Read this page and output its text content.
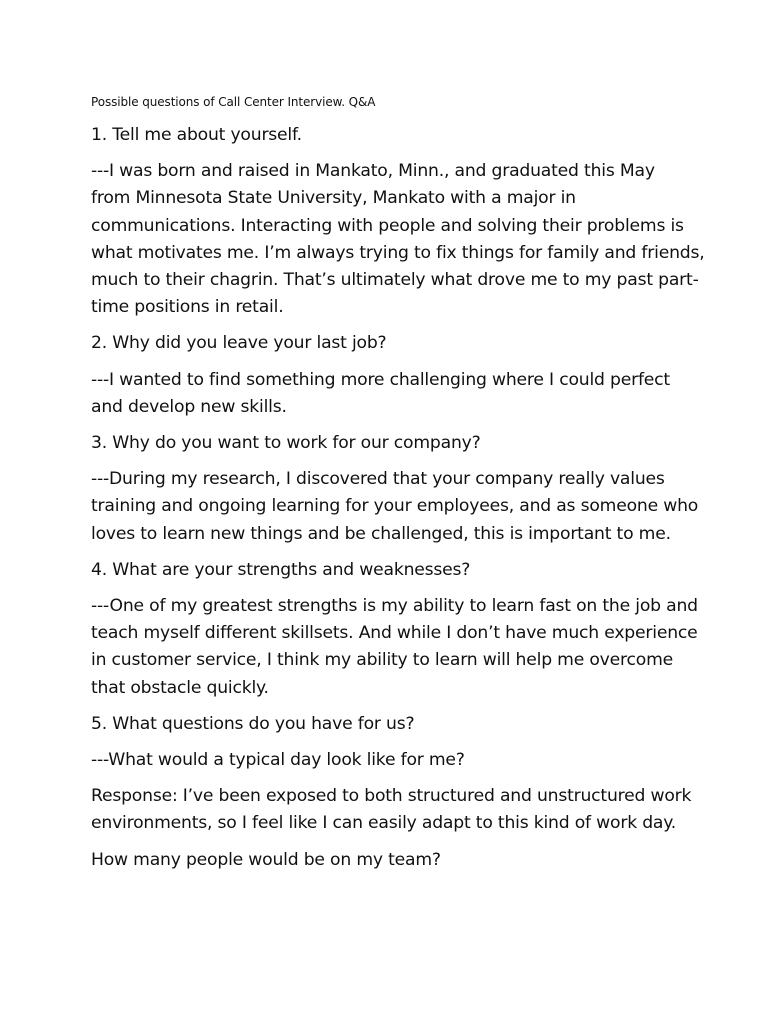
Possible questions of Call Center Interview. Q&A

1. Tell me about yourself.

---I was born and raised in Mankato, Minn., and graduated this May
from Minnesota State University, Mankato with a major in
communications. Interacting with people and solving their problems is
what motivates me. I’m always trying to fix things for family and friends,
much to their chagrin. That’s ultimately what drove me to my past part-
time positions in retail.

2. Why did you leave your last job?

---I wanted to find something more challenging where I could perfect
and develop new skills.

3. Why do you want to work for our company?

---During my research, I discovered that your company really values
training and ongoing learning for your employees, and as someone who
loves to learn new things and be challenged, this is important to me.

4. What are your strengths and weaknesses?

---One of my greatest strengths is my ability to learn fast on the job and
teach myself different skillsets. And while I don’t have much experience
in customer service, I think my ability to learn will help me overcome
that obstacle quickly.

5. What questions do you have for us?

---What would a typical day look like for me?

Response: I’ve been exposed to both structured and unstructured work
environments, so I feel like I can easily adapt to this kind of work day.

How many people would be on my team?
